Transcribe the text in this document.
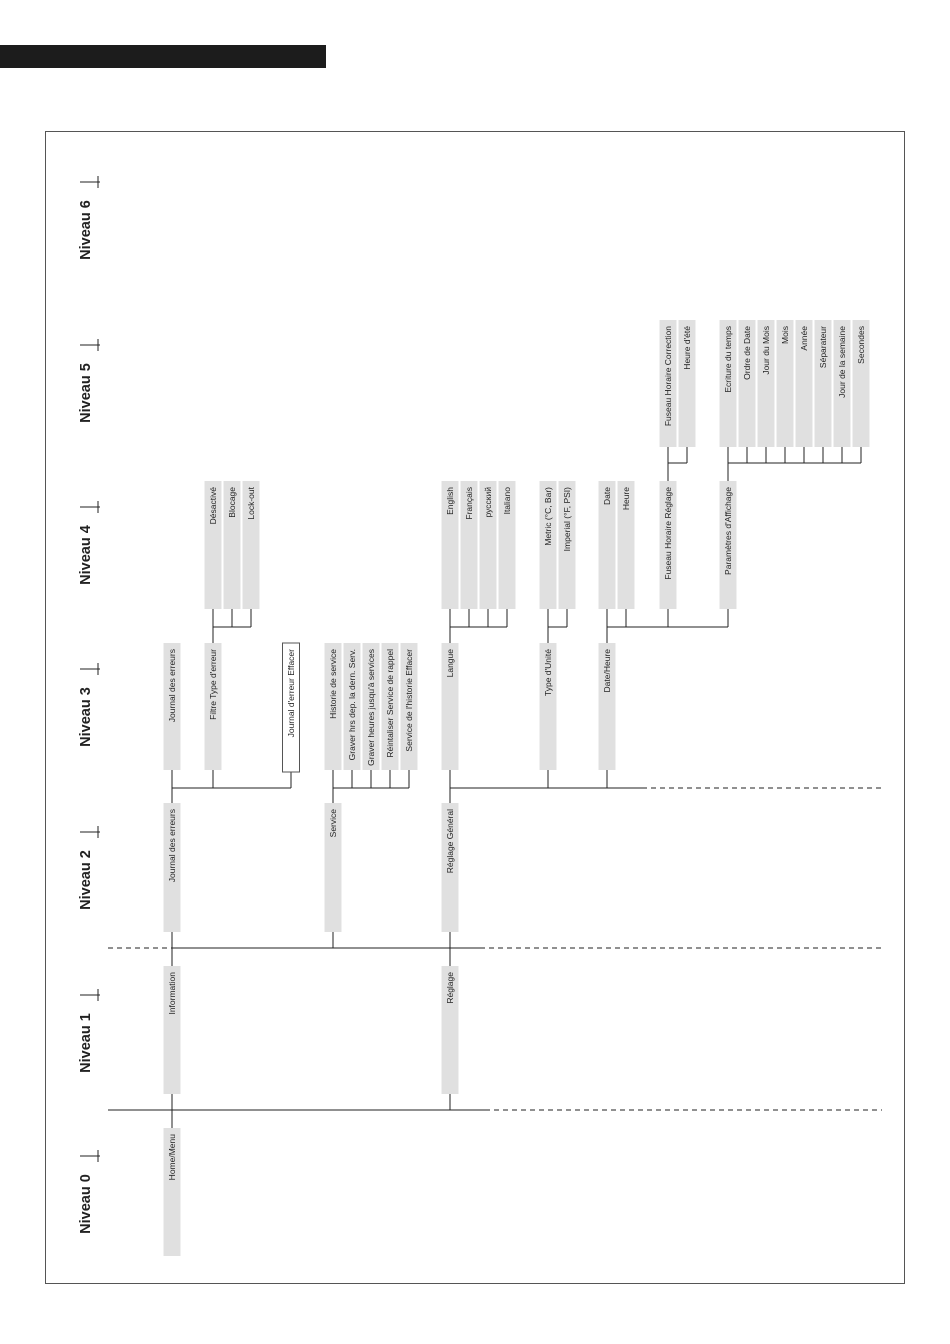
Home/Menu
Information	Réglage
Journal des erreurs	Service	Réglage Général
Journal des erreurs	Filtre Type d'erreur	Journal d'erreur Effacer	Historie de service Graver hrs dep. la dern. Serv. Graver heures jusqu'à services Réintaliser Service de rappel Service de l'historie Effacer	Langue	Type d'Unité	Date/Heure
Désactivé Blocage Lock-out	English Français русский Italiano	Metric (°C, Bar) Imperial (°F, PSI)	Date Heure	Fuseau Horaire Réglage	Paramètres d'Affichage
Fuseau Horaire Correction Heure d'été	Ecriture du temps Ordre de Date Jour du Mois Mois Année Séparateur Jour de la semaine Secondes
Niveau 0
Niveau 1
Niveau 2
Niveau 3
Niveau 4
Niveau 5
Niveau 6
